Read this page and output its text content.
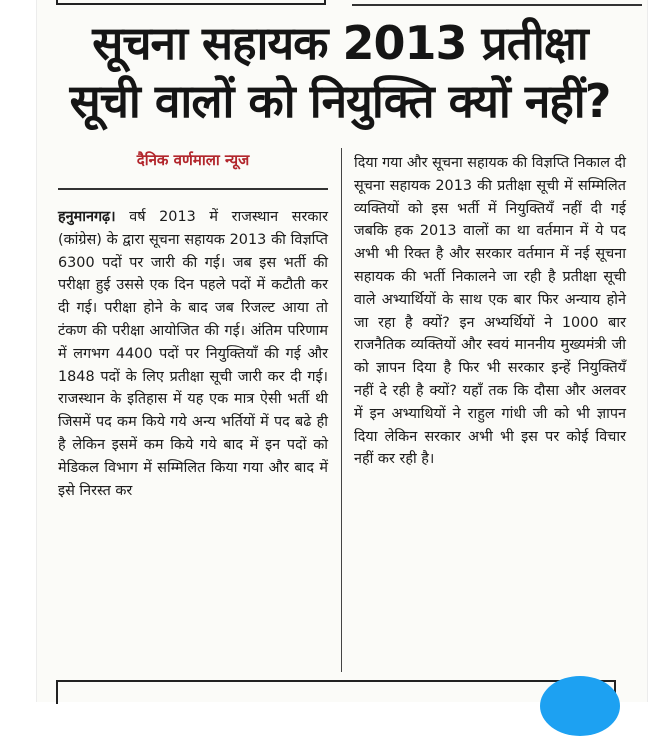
सूचना सहायक 2013 प्रतीक्षा
सूची वालों को नियुक्ति क्यों नहीं?
दैनिक वर्णमाला न्यूज
हनुमानगढ़। वर्ष 2013 में राजस्थान सरकार (कांग्रेस) के द्वारा सूचना सहायक 2013 की विज्ञप्ति 6300 पदों पर जारी की गई। जब इस भर्ती की परीक्षा हुई उससे एक दिन पहले पदों में कटौती कर दी गई। परीक्षा होने के बाद जब रिजल्ट आया तो टंकण की परीक्षा आयोजित की गई। अंतिम परिणाम में लगभग 4400 पदों पर नियुक्तियाँ की गई और 1848 पदों के लिए प्रतीक्षा सूची जारी कर दी गई। राजस्थान के इतिहास में यह एक मात्र ऐसी भर्ती थी जिसमें पद कम किये गये अन्य भर्तियों में पद बढे ही है लेकिन इसमें कम किये गये बाद में इन पदों को मेडिकल विभाग में सम्मिलित किया गया और बाद में इसे निरस्त कर
दिया गया और सूचना सहायक की विज्ञप्ति निकाल दी सूचना सहायक 2013 की प्रतीक्षा सूची में सम्मिलित व्यक्तियों को इस भर्ती में नियुक्तियँ नहीं दी गई जबकि हक 2013 वालों का था वर्तमान में ये पद अभी भी रिक्त है और सरकार वर्तमान में नई सूचना सहायक की भर्ती निकालने जा रही है प्रतीक्षा सूची वाले अभ्यार्थियों के साथ एक बार फिर अन्याय होने जा रहा है क्यों? इन अभ्यर्थियों ने 1000 बार राजनैतिक व्यक्तियों और स्वयं माननीय मुख्यमंत्री जी को ज्ञापन दिया है फिर भी सरकार इन्हें नियुक्तियँ नहीं दे रही है क्यों? यहाँ तक कि दौसा और अलवर में इन अभ्याथियों ने राहुल गांधी जी को भी ज्ञापन दिया लेकिन सरकार अभी भी इस पर कोई विचार नहीं कर रही है।
